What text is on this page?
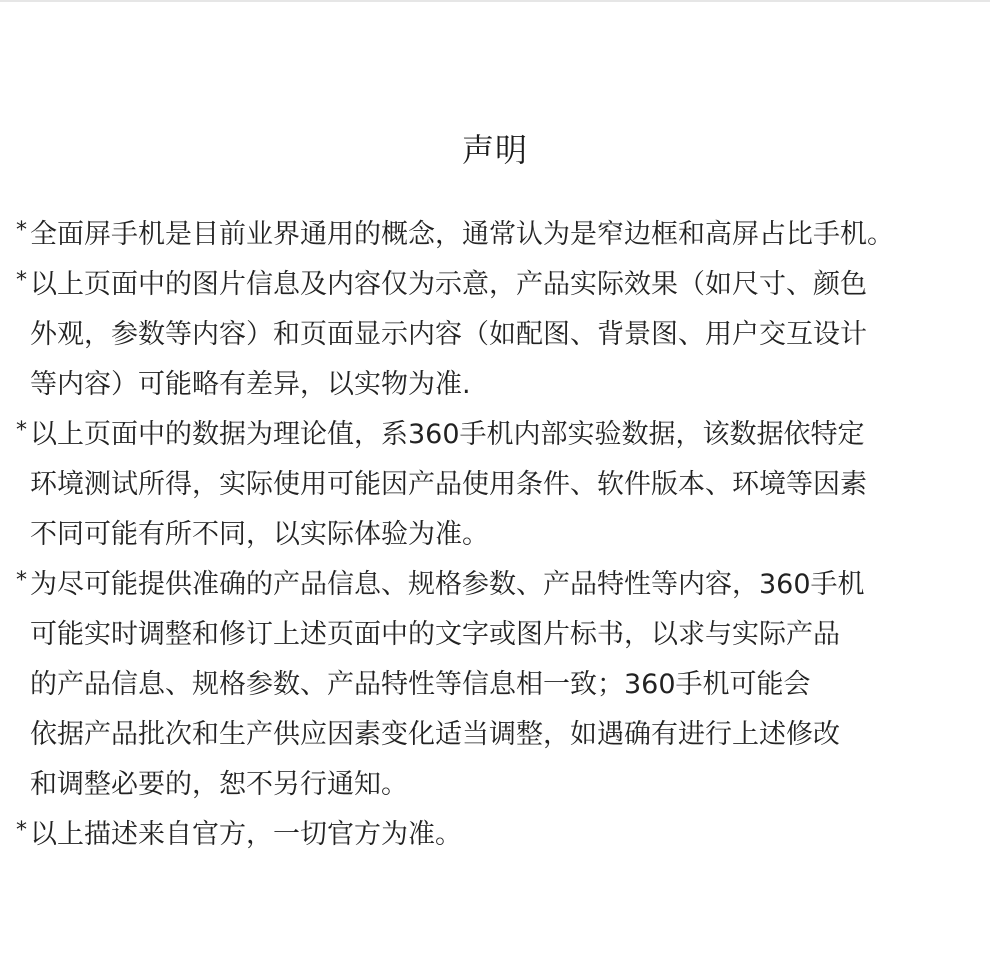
声明
* 全面屏手机是目前业界通用的概念，通常认为是窄边框和高屏占比手机。
* 以上页面中的图片信息及内容仅为示意，产品实际效果（如尺寸、颜色
外观，参数等内容）和页面显示内容（如配图、背景图、用户交互设计
等内容）可能略有差异，以实物为准.
* 以上页面中的数据为理论值，系360手机内部实验数据，该数据依特定
环境测试所得，实际使用可能因产品使用条件、软件版本、环境等因素
不同可能有所不同，以实际体验为准。
* 为尽可能提供准确的产品信息、规格参数、产品特性等内容，360手机
可能实时调整和修订上述页面中的文字或图片标书，以求与实际产品
的产品信息、规格参数、产品特性等信息相一致；360手机可能会
依据产品批次和生产供应因素变化适当调整，如遇确有进行上述修改
和调整必要的，恕不另行通知。
* 以上描述来自官方，一切官方为准。
